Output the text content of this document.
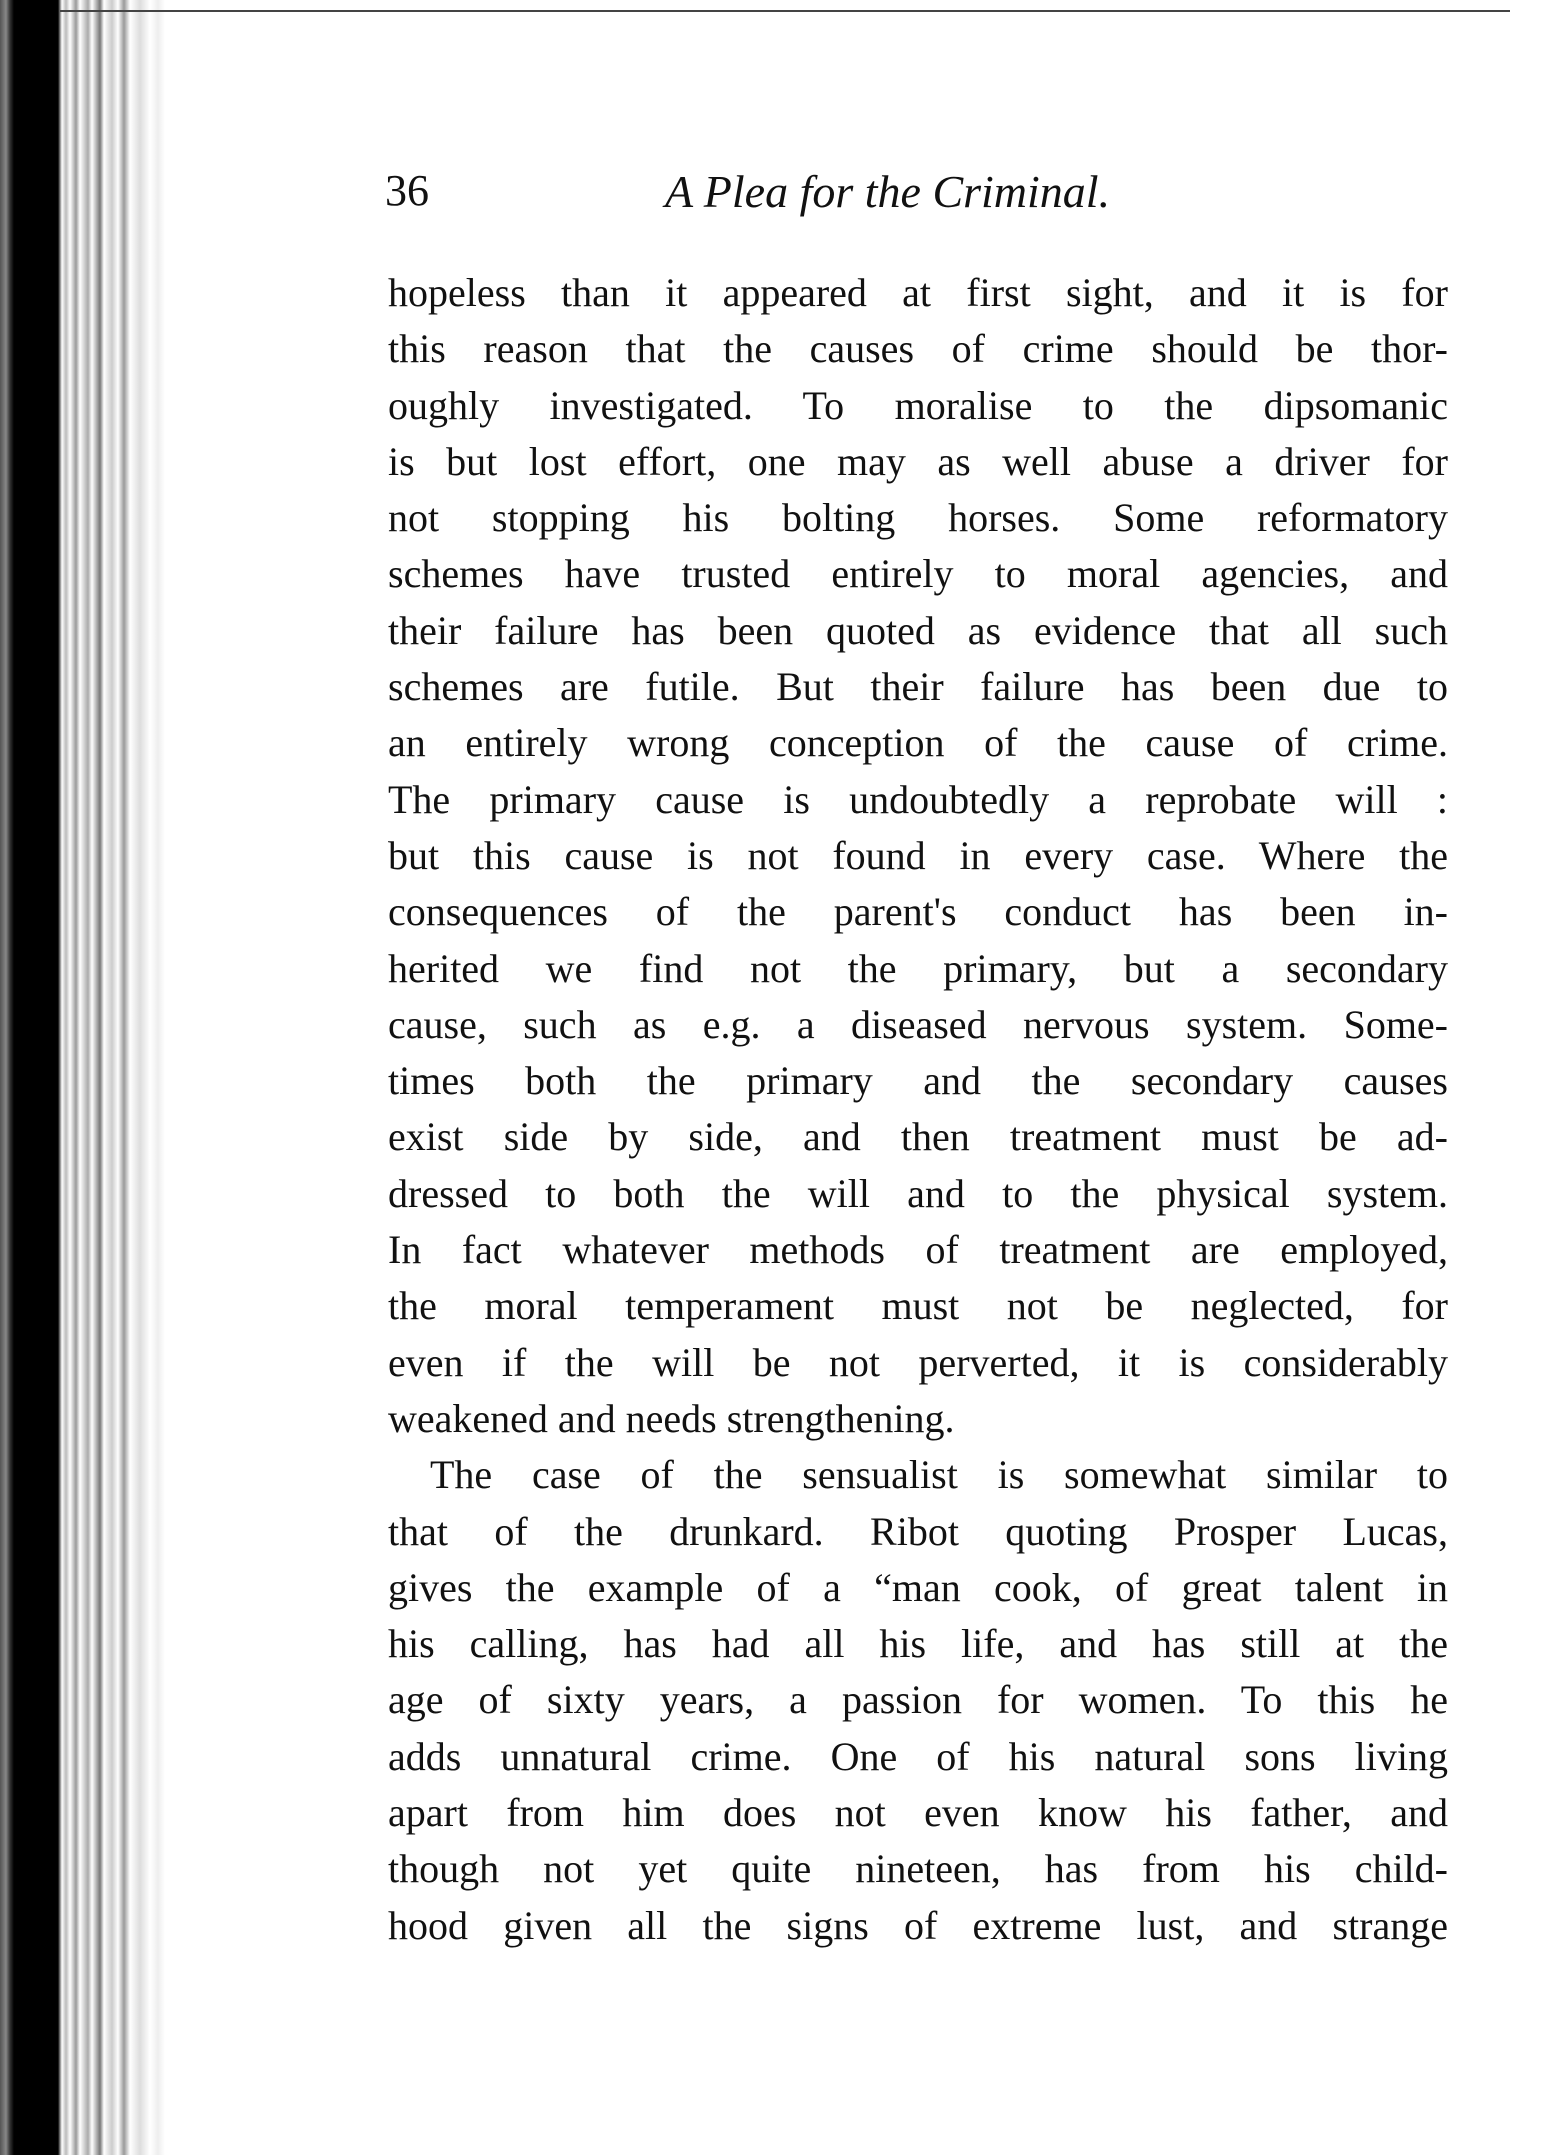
36	A Plea for the Criminal.
hopeless than it appeared at first sight, and it is for
this reason that the causes of crime should be thor-
oughly investigated. To moralise to the dipsomanic
is but lost effort, one may as well abuse a driver for
not stopping his bolting horses. Some reformatory
schemes have trusted entirely to moral agencies, and
their failure has been quoted as evidence that all such
schemes are futile. But their failure has been due to
an entirely wrong conception of the cause of crime.
The primary cause is undoubtedly a reprobate will :
but this cause is not found in every case. Where the
consequences of the parent's conduct has been in-
herited we find not the primary, but a secondary
cause, such as e.g. a diseased nervous system. Some-
times both the primary and the secondary causes
exist side by side, and then treatment must be ad-
dressed to both the will and to the physical system.
In fact whatever methods of treatment are employed,
the moral temperament must not be neglected, for
even if the will be not perverted, it is considerably
weakened and needs strengthening.
The case of the sensualist is somewhat similar to
that of the drunkard. Ribot quoting Prosper Lucas,
gives the example of a “man cook, of great talent in
his calling, has had all his life, and has still at the
age of sixty years, a passion for women. To this he
adds unnatural crime. One of his natural sons living
apart from him does not even know his father, and
though not yet quite nineteen, has from his child-
hood given all the signs of extreme lust, and strange
